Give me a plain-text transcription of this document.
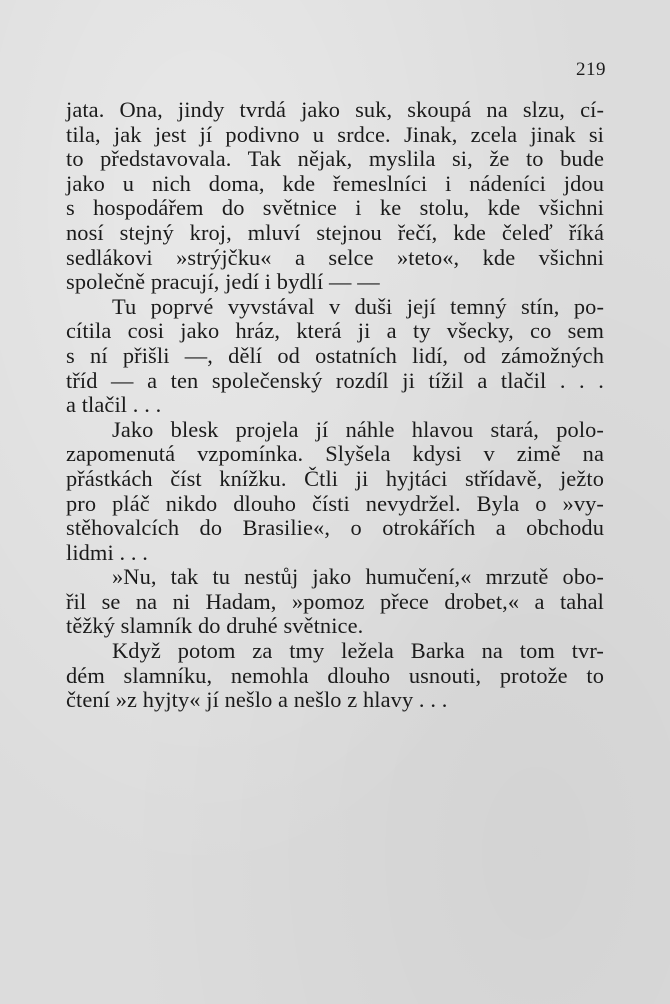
219
jata. Ona, jindy tvrdá jako suk, skoupá na slzu, cí-
tila, jak jest jí podivno u srdce. Jinak, zcela jinak si
to představovala. Tak nějak, myslila si, že to bude
jako u nich doma, kde řemeslníci i nádeníci jdou
s hospodářem do světnice i ke stolu, kde všichni
nosí stejný kroj, mluví stejnou řečí, kde čeleď říká
sedlákovi »strýjčku« a selce »teto«, kde všichni
společně pracují, jedí i bydlí — —
Tu poprvé vyvstával v duši její temný stín, po-
cítila cosi jako hráz, která ji a ty všecky, co sem
s ní přišli —, dělí od ostatních lidí, od zámožných
tříd — a ten společenský rozdíl ji tížil a tlačil . . .
a tlačil . . .
Jako blesk projela jí náhle hlavou stará, polo-
zapomenutá vzpomínka. Slyšela kdysi v zimě na
přástkách číst knížku. Čtli ji hyjtáci střídavě, ježto
pro pláč nikdo dlouho čísti nevydržel. Byla o »vy-
stěhovalcích do Brasilie«, o otrokářích a obchodu
lidmi . . .
»Nu, tak tu nestůj jako humučení,« mrzutě obo-
řil se na ni Hadam, »pomoz přece drobet,« a tahal
těžký slamník do druhé světnice.
Když potom za tmy ležela Barka na tom tvr-
dém slamníku, nemohla dlouho usnouti, protože to
čtení »z hyjty« jí nešlo a nešlo z hlavy . . .
